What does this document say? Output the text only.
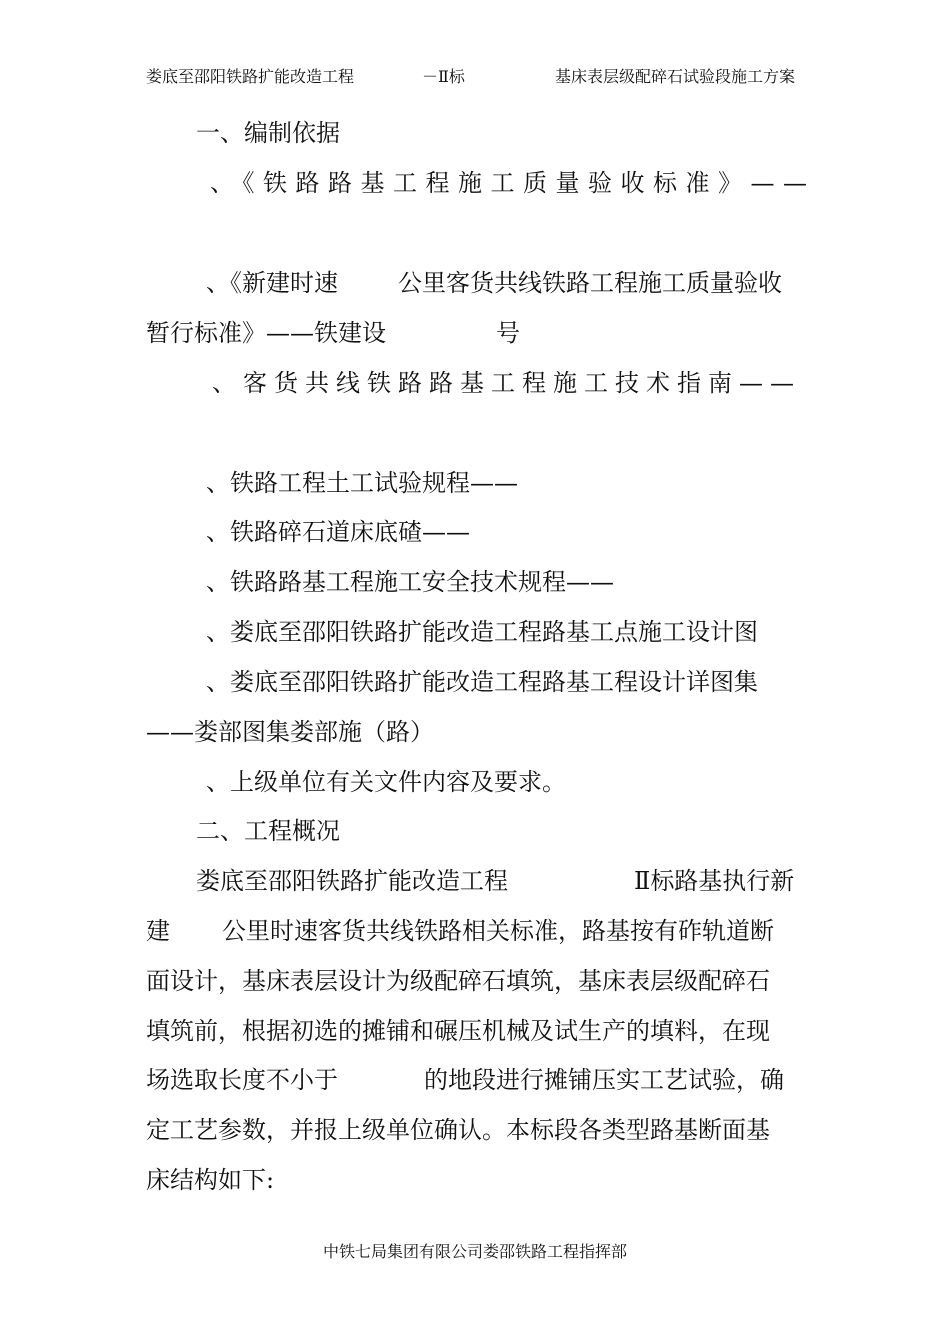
娄底至邵阳铁路扩能改造工程	－Ⅱ标	基床表层级配碎石试验段施工方案
一、编制依据
、《铁路路基工程施工质量验收标准》——
、《新建时速	公里客货共线铁路工程施工质量验收
暂行标准》——铁建设	号
、客货共线铁路路基工程施工技术指南——
、铁路工程土工试验规程——
、铁路碎石道床底碴——
、铁路路基工程施工安全技术规程——
、娄底至邵阳铁路扩能改造工程路基工点施工设计图
、娄底至邵阳铁路扩能改造工程路基工程设计详图集
——娄部图集娄部施（路）
、上级单位有关文件内容及要求。
二、工程概况
娄底至邵阳铁路扩能改造工程	Ⅱ标路基执行新
建 公里时速客货共线铁路相关标准，路基按有砟轨道断
面设计，基床表层设计为级配碎石填筑，基床表层级配碎石
填筑前，根据初选的摊铺和碾压机械及试生产的填料，在现
场选取长度不小于	的地段进行摊铺压实工艺试验，确
定工艺参数，并报上级单位确认。本标段各类型路基断面基
床结构如下:
中铁七局集团有限公司娄邵铁路工程指挥部
